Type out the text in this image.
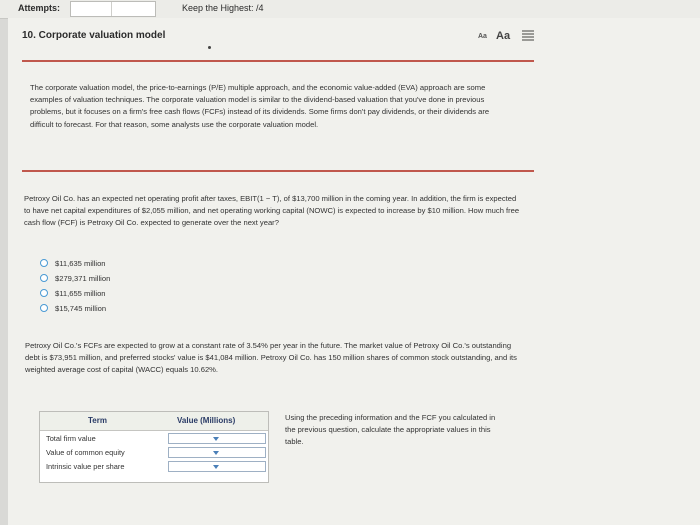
Attempts:	Keep the Highest: /4
10. Corporate valuation model	Aa Aa
The corporate valuation model, the price-to-earnings (P/E) multiple approach, and the economic value-added (EVA) approach are some examples of valuation techniques. The corporate valuation model is similar to the dividend-based valuation that you've done in previous problems, but it focuses on a firm's free cash flows (FCFs) instead of its dividends. Some firms don't pay dividends, or their dividends are difficult to forecast. For that reason, some analysts use the corporate valuation model.
Petroxy Oil Co. has an expected net operating profit after taxes, EBIT(1 − T), of $13,700 million in the coming year. In addition, the firm is expected to have net capital expenditures of $2,055 million, and net operating working capital (NOWC) is expected to increase by $10 million. How much free cash flow (FCF) is Petroxy Oil Co. expected to generate over the next year?
$11,635 million
$279,371 million
$11,655 million
$15,745 million
Petroxy Oil Co.'s FCFs are expected to grow at a constant rate of 3.54% per year in the future. The market value of Petroxy Oil Co.'s outstanding debt is $73,951 million, and preferred stocks' value is $41,084 million. Petroxy Oil Co. has 150 million shares of common stock outstanding, and its weighted average cost of capital (WACC) equals 10.62%.
Term	Value (Millions)
Total firm value
Value of common equity
Intrinsic value per share
Using the preceding information and the FCF you calculated in the previous question, calculate the appropriate values in this table.
